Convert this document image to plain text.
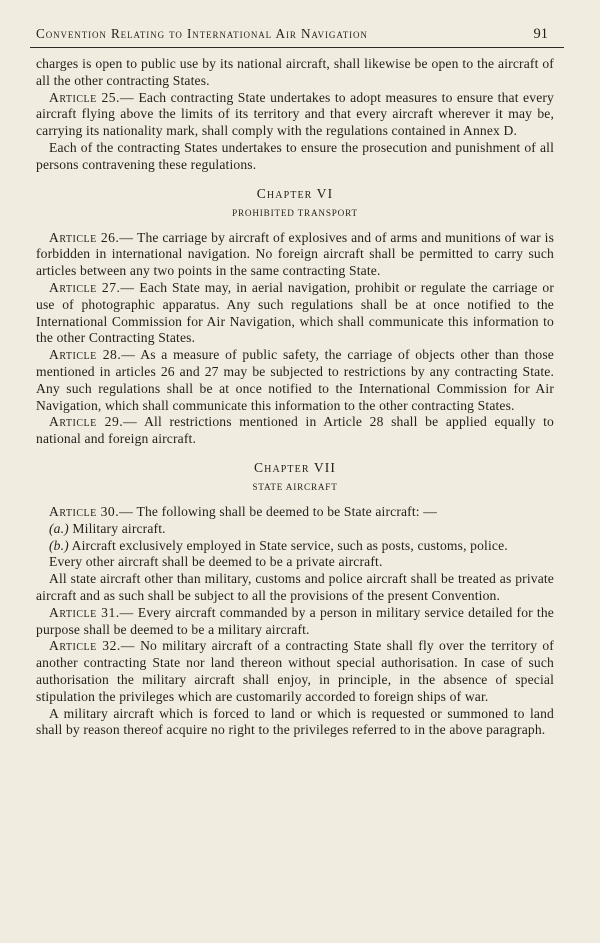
Convention Relating to International Air Navigation	91

charges is open to public use by its national aircraft, shall likewise be open to the aircraft of all the other contracting States.

Article 25.— Each contracting State undertakes to adopt measures to ensure that every aircraft flying above the limits of its territory and that every aircraft wherever it may be, carrying its nationality mark, shall comply with the regulations contained in Annex D.

Each of the contracting States undertakes to ensure the prosecution and punishment of all persons contravening these regulations.

Chapter VI
PROHIBITED TRANSPORT

Article 26.— The carriage by aircraft of explosives and of arms and munitions of war is forbidden in international navigation. No foreign aircraft shall be permitted to carry such articles between any two points in the same contracting State.

Article 27.— Each State may, in aerial navigation, prohibit or regulate the carriage or use of photographic apparatus. Any such regulations shall be at once notified to the International Commission for Air Navigation, which shall communicate this information to the other Contracting States.

Article 28.— As a measure of public safety, the carriage of objects other than those mentioned in articles 26 and 27 may be subjected to restrictions by any contracting State. Any such regulations shall be at once notified to the International Commission for Air Navigation, which shall communicate this information to the other contracting States.

Article 29.— All restrictions mentioned in Article 28 shall be applied equally to national and foreign aircraft.

Chapter VII
STATE AIRCRAFT

Article 30.— The following shall be deemed to be State aircraft: —

(a.) Military aircraft.

(b.) Aircraft exclusively employed in State service, such as posts, customs, police.

Every other aircraft shall be deemed to be a private aircraft.

All state aircraft other than military, customs and police aircraft shall be treated as private aircraft and as such shall be subject to all the provisions of the present Convention.

Article 31.— Every aircraft commanded by a person in military service detailed for the purpose shall be deemed to be a military aircraft.

Article 32.— No military aircraft of a contracting State shall fly over the territory of another contracting State nor land thereon without special authorisation. In case of such authorisation the military aircraft shall enjoy, in principle, in the absence of special stipulation the privileges which are customarily accorded to foreign ships of war.

A military aircraft which is forced to land or which is requested or summoned to land shall by reason thereof acquire no right to the privileges referred to in the above paragraph.
